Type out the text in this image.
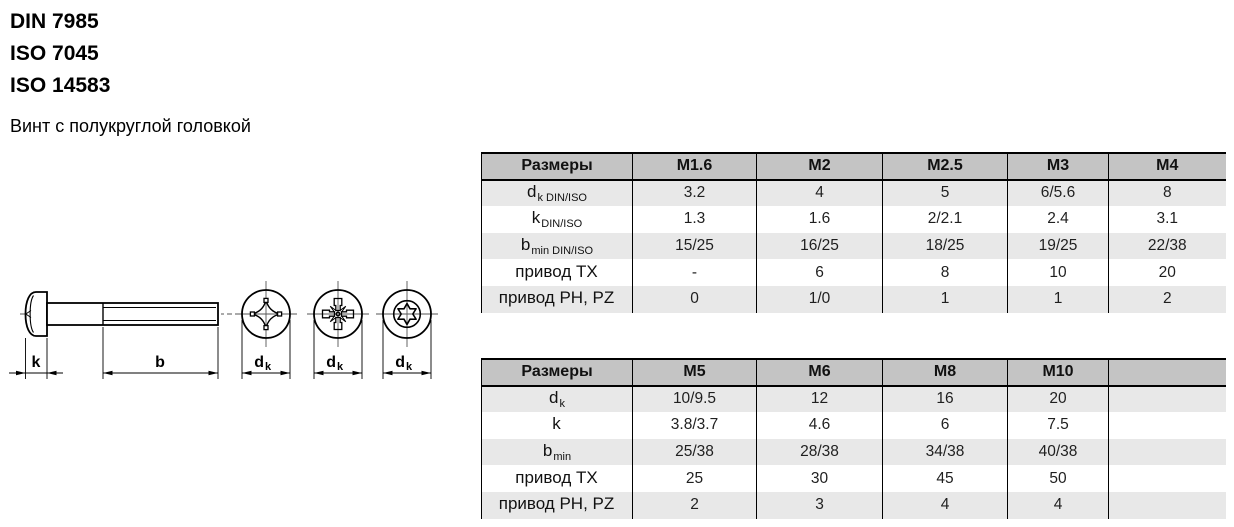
DIN 7985
ISO 7045
ISO 14583
Винт с полукруглой головкой
k	b	d k	d k	d k
Размеры	M1.6	M2	M2.5	M3	M4
$d_{k DIN/ISO}$	3.2	4	5	6/5.6	8
$k_{DIN/ISO}$	1.3	1.6	2/2.1	2.4	3.1
$b_{min DIN/ISO}$	15/25	16/25	18/25	19/25	22/38
привод TX	-	6	8	10	20
привод PH, PZ	0	1/0	1	1	2
Размеры	M5	M6	M8	M10	
$d_k$	10/9.5	12	16	20	
k	3.8/3.7	4.6	6	7.5	
$b_{min}$	25/38	28/38	34/38	40/38	
привод TX	25	30	45	50	
привод PH, PZ	2	3	4	4	
